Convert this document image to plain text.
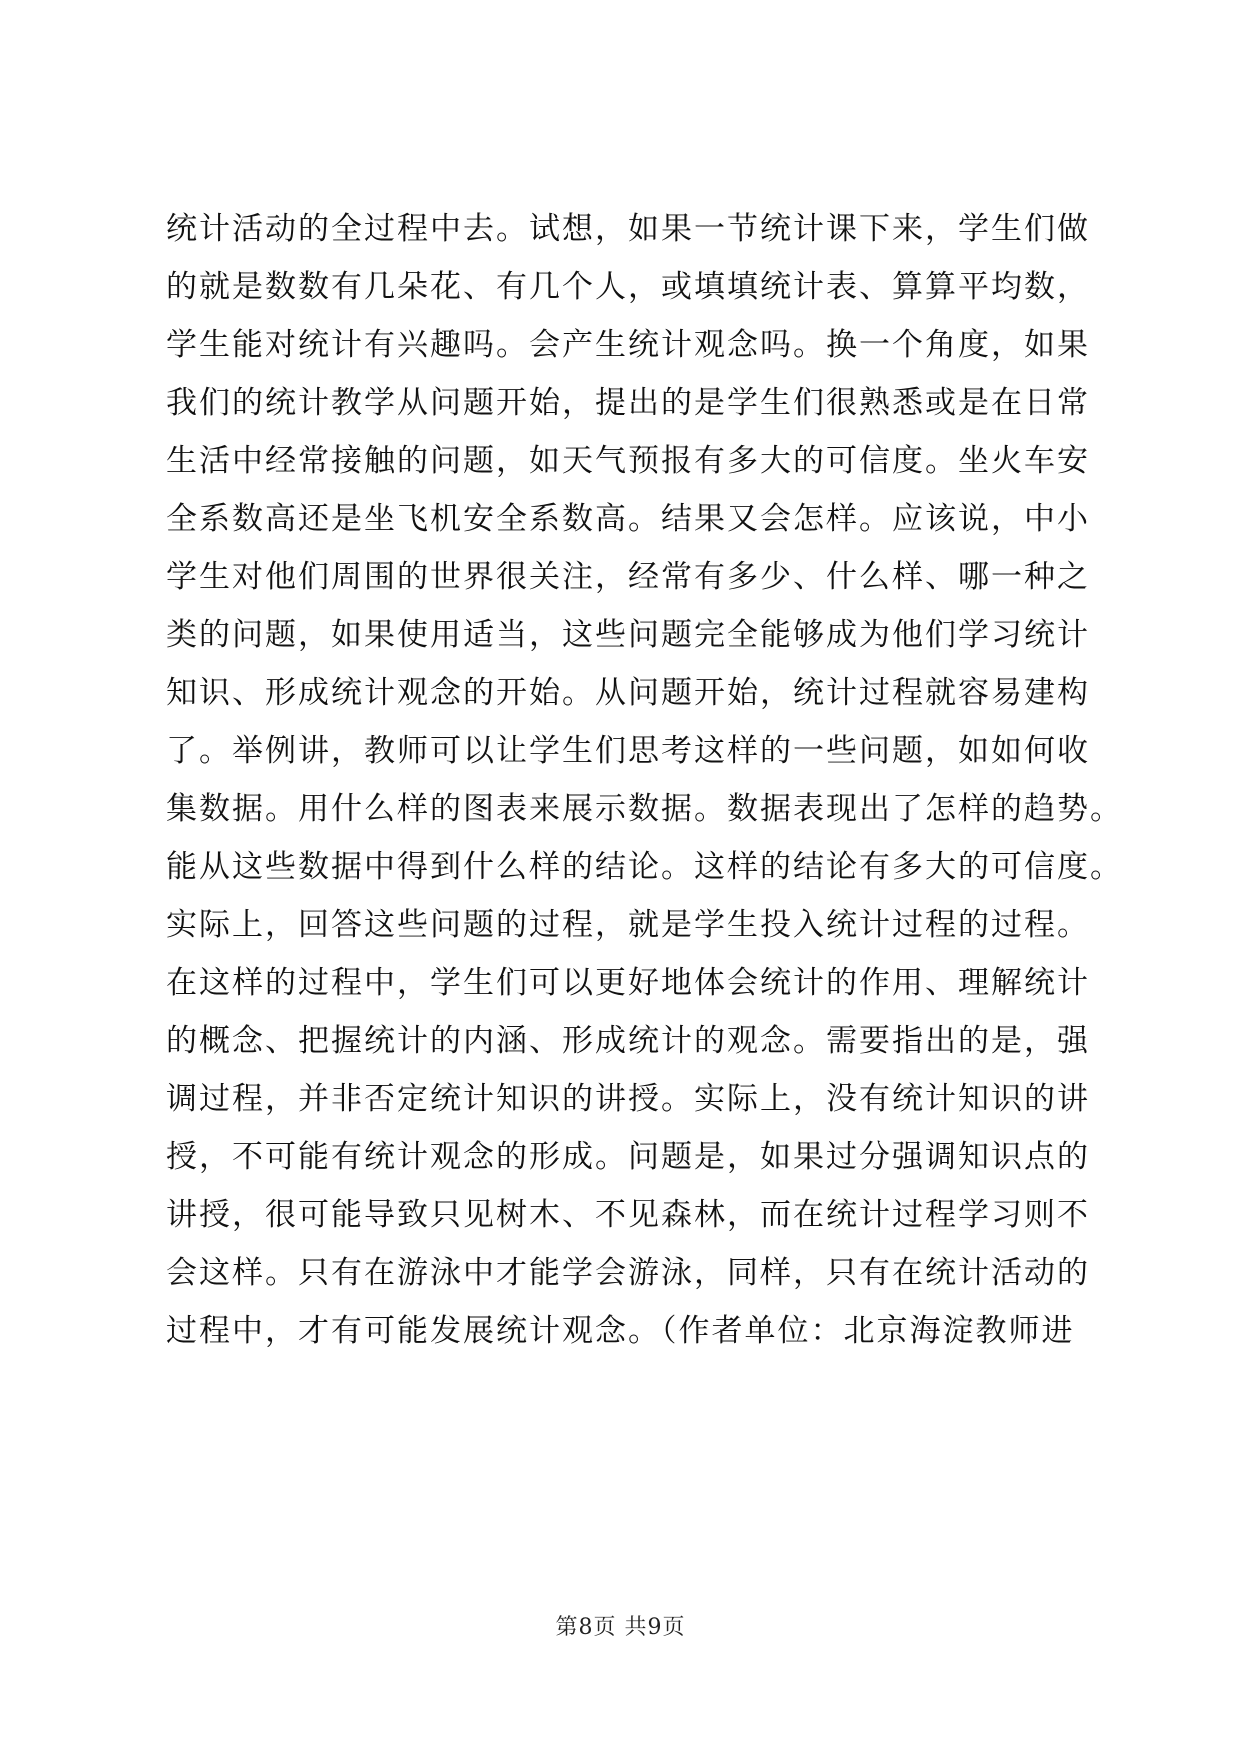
统计活动的全过程中去。试想，如果一节统计课下来，学生们做
的就是数数有几朵花、有几个人，或填填统计表、算算平均数，
学生能对统计有兴趣吗。会产生统计观念吗。换一个角度，如果
我们的统计教学从问题开始，提出的是学生们很熟悉或是在日常
生活中经常接触的问题，如天气预报有多大的可信度。坐火车安
全系数高还是坐飞机安全系数高。结果又会怎样。应该说，中小
学生对他们周围的世界很关注，经常有多少、什么样、哪一种之
类的问题，如果使用适当，这些问题完全能够成为他们学习统计
知识、形成统计观念的开始。从问题开始，统计过程就容易建构
了。举例讲，教师可以让学生们思考这样的一些问题，如如何收
集数据。用什么样的图表来展示数据。数据表现出了怎样的趋势。
能从这些数据中得到什么样的结论。这样的结论有多大的可信度。
实际上，回答这些问题的过程，就是学生投入统计过程的过程。
在这样的过程中，学生们可以更好地体会统计的作用、理解统计
的概念、把握统计的内涵、形成统计的观念。需要指出的是，强
调过程，并非否定统计知识的讲授。实际上，没有统计知识的讲
授，不可能有统计观念的形成。问题是，如果过分强调知识点的
讲授，很可能导致只见树木、不见森林，而在统计过程学习则不
会这样。只有在游泳中才能学会游泳，同样，只有在统计活动的
过程中，才有可能发展统计观念。（作者单位：北京海淀教师进
第8页 共9页
